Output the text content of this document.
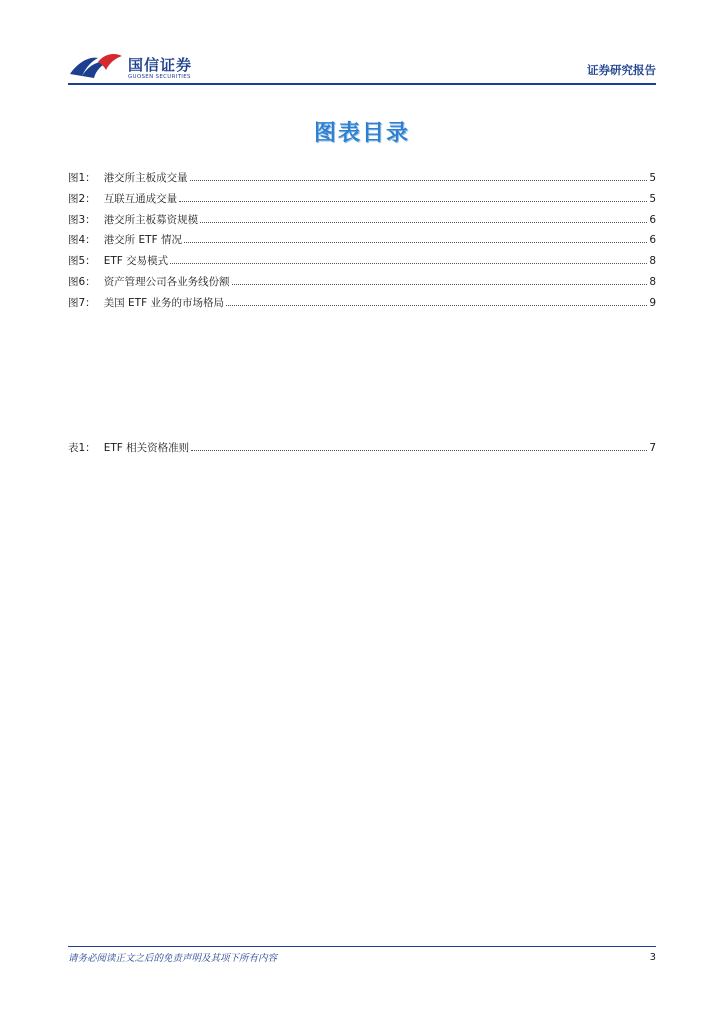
国信证券
GUOSEN SECURITIES	证券研究报告
图表目录
图1： 港交所主板成交量	5
图2： 互联互通成交量	5
图3： 港交所主板募资规模	6
图4： 港交所 ETF 情况	6
图5： ETF 交易模式	8
图6： 资产管理公司各业务线份额	8
图7： 美国 ETF 业务的市场格局	9
表1： ETF 相关资格准则	7
请务必阅读正文之后的免责声明及其项下所有内容	3
